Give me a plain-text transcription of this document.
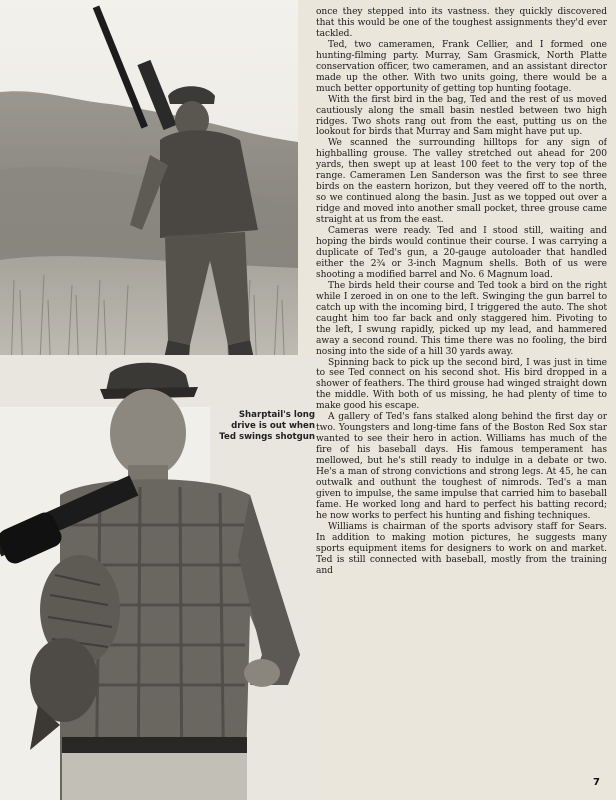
Sharptail's long
drive is out when
Ted swings shotgun

once they stepped into its vastness. they quickly discovered that this would be one of the toughest assignments they'd ever tackled.

Ted, two cameramen, Frank Cellier, and I formed one hunting-filming party. Murray, Sam Grasmick, North Platte conservation officer, two cameramen, and an assistant director made up the other. With two units going, there would be a much better opportunity of getting top hunting footage.

With the first bird in the bag, Ted and the rest of us moved cautiously along the small basin nestled between two high ridges. Two shots rang out from the east, putting us on the lookout for birds that Murray and Sam might have put up.

We scanned the surrounding hilltops for any sign of highballing grouse. The valley stretched out ahead for 200 yards, then swept up at least 100 feet to the very top of the range. Cameramen Len Sanderson was the first to see three birds on the eastern horizon, but they veered off to the north, so we continued along the basin. Just as we topped out over a ridge and moved into another small pocket, three grouse came straight at us from the east.

Cameras were ready. Ted and I stood still, waiting and hoping the birds would continue their course. I was carrying a duplicate of Ted's gun, a 20-gauge autoloader that handled either the 2¾ or 3-inch Magnum shells. Both of us were shooting a modified barrel and No. 6 Magnum load.

The birds held their course and Ted took a bird on the right while I zeroed in on one to the left. Swinging the gun barrel to catch up with the incoming bird, I triggered the auto. The shot caught him too far back and only staggered him. Pivoting to the left, I swung rapidly, picked up my lead, and hammered away a second round. This time there was no fooling, the bird nosing into the side of a hill 30 yards away.

Spinning back to pick up the second bird, I was just in time to see Ted connect on his second shot. His bird dropped in a shower of feathers. The third grouse had winged straight down the middle. With both of us missing, he had plenty of time to make good his escape.

A gallery of Ted's fans stalked along behind the first day or two. Youngsters and long-time fans of the Boston Red Sox star wanted to see their hero in action. Williams has much of the fire of his baseball days. His famous temperament has mellowed, but he's still ready to indulge in a debate or two. He's a man of strong convictions and strong legs. At 45, he can outwalk and outhunt the toughest of nimrods. Ted's a man given to impulse, the same impulse that carried him to baseball fame. He worked long and hard to perfect his batting record; he now works to perfect his hunting and fishing techniques.

Williams is chairman of the sports advisory staff for Sears. In addition to making motion pictures, he suggests many sports equipment items for designers to work on and market. Ted is still connected with baseball, mostly from the training and

7
